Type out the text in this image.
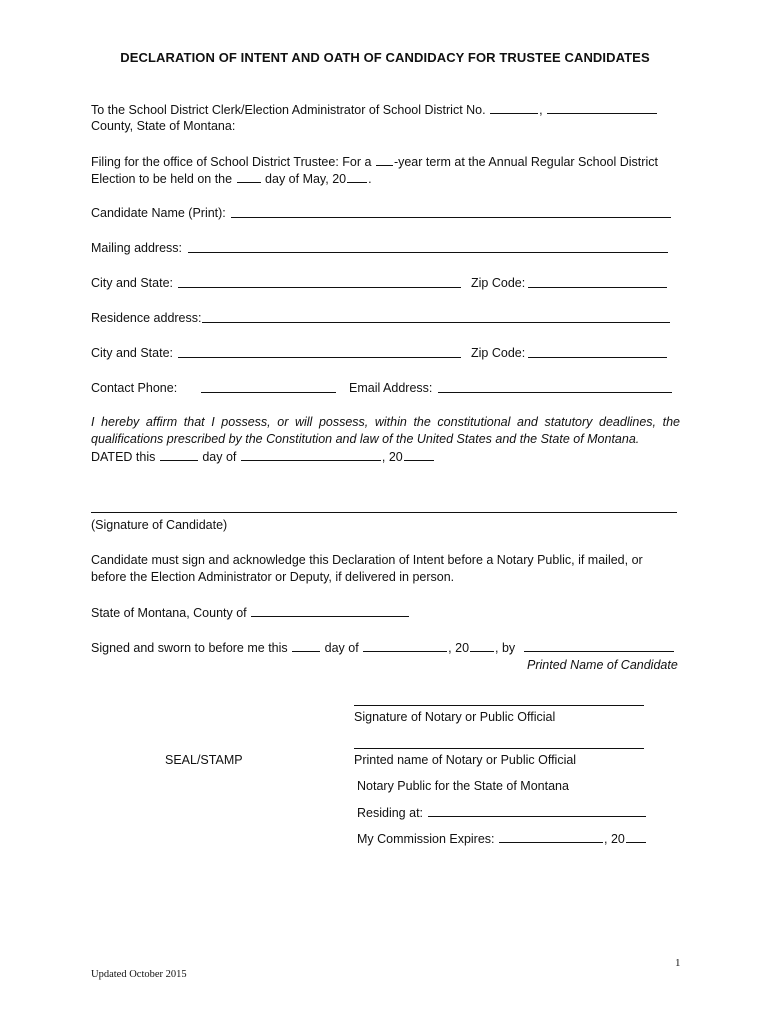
DECLARATION OF INTENT AND OATH OF CANDIDACY FOR TRUSTEE CANDIDATES
To the School District Clerk/Election Administrator of School District No.	,
County, State of Montana:
Filing for the office of School District Trustee: For a -year term at the Annual Regular School District
Election to be held on the	day of May, 20 .
Candidate Name (Print):
Mailing address:
City and State:	Zip Code:
Residence address:
City and State:	Zip Code:
Contact Phone:	Email Address:
I hereby affirm that I possess, or will possess, within the constitutional and statutory deadlines, the
qualifications prescribed by the Constitution and law of the United States and the State of Montana.
DATED this	day of	, 20
(Signature of Candidate)
Candidate must sign and acknowledge this Declaration of Intent before a Notary Public, if mailed, or
before the Election Administrator or Deputy, if delivered in person.
State of Montana, County of
Signed and sworn to before me this	day of	, 20 , by
Printed Name of Candidate
Signature of Notary or Public Official
SEAL/STAMP	Printed name of Notary or Public Official
Notary Public for the State of Montana
Residing at:
My Commission Expires:	, 20
1
Updated October 2015
